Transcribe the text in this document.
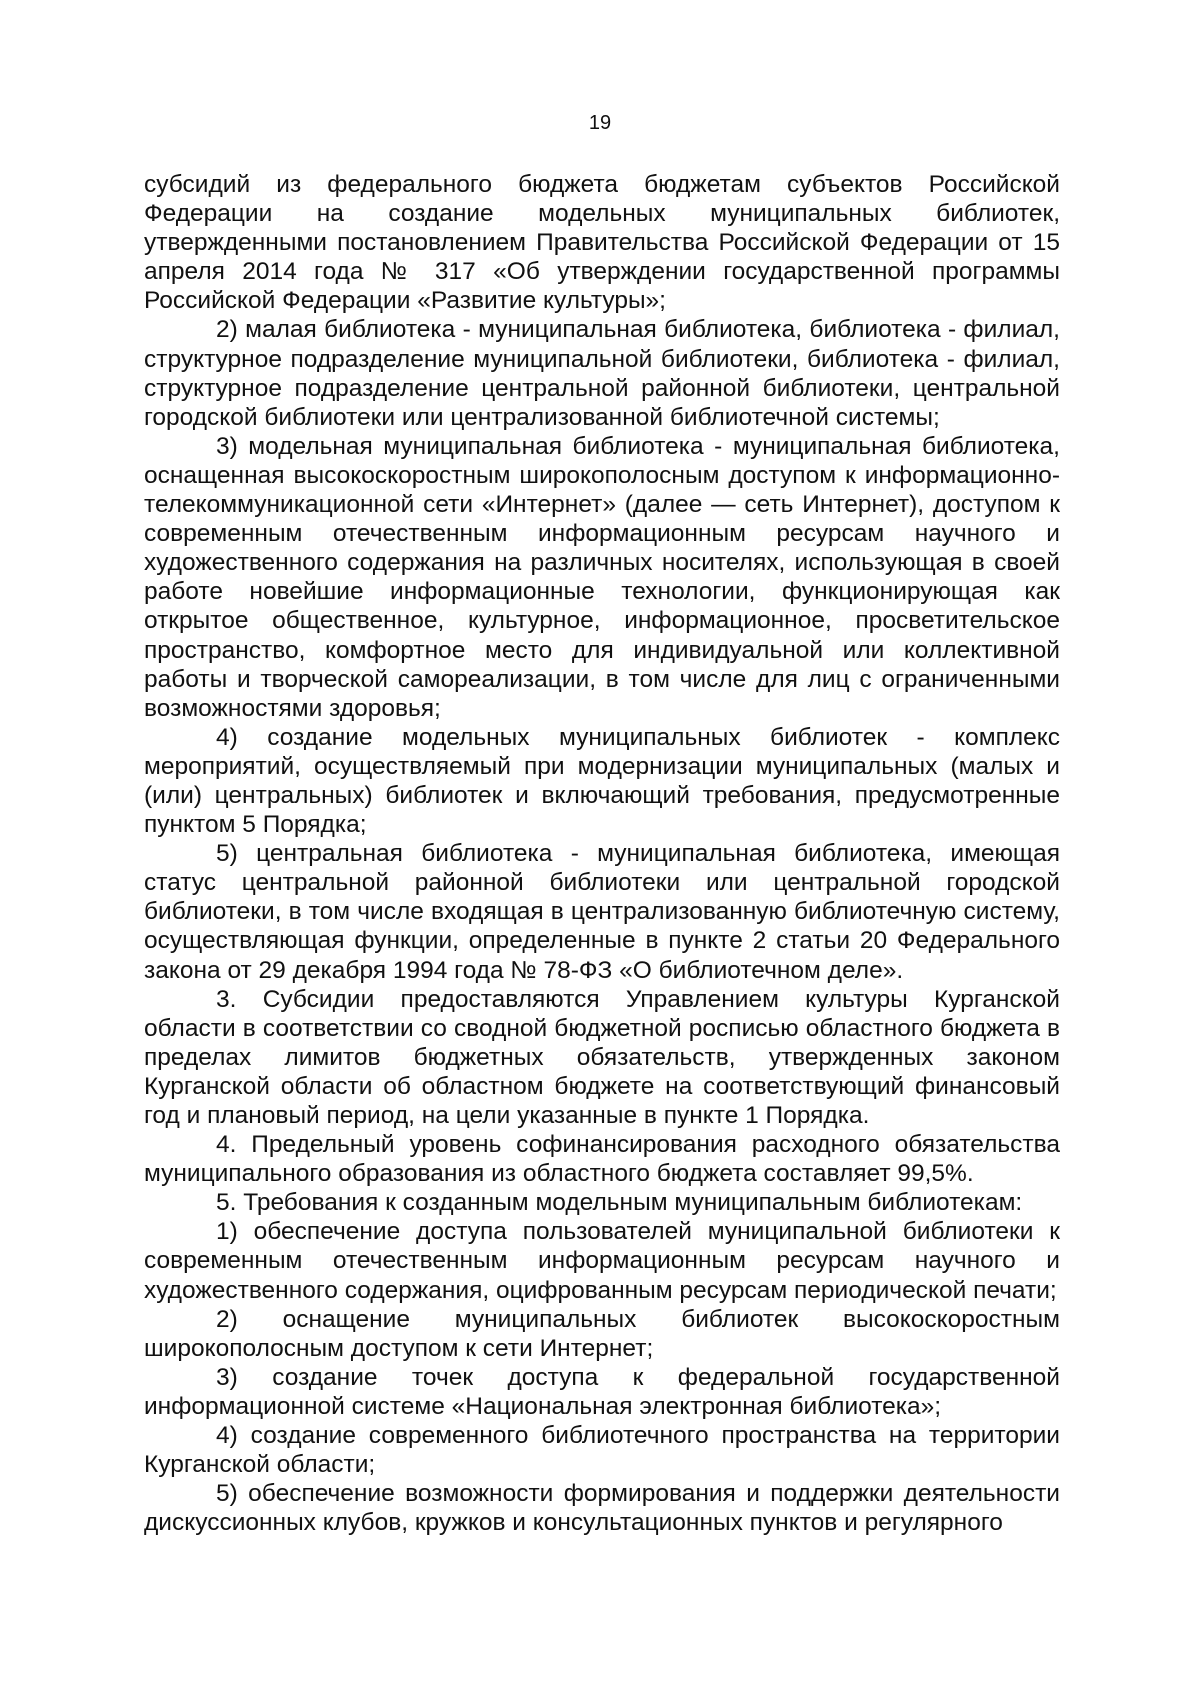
19

субсидий из федерального бюджета бюджетам субъектов Российской Федерации на создание модельных муниципальных библиотек, утвержденными постановлением Правительства Российской Федерации от 15 апреля 2014 года № 317 «Об утверждении государственной программы Российской Федерации «Развитие культуры»;

2) малая библиотека - муниципальная библиотека, библиотека - филиал, структурное подразделение муниципальной библиотеки, библиотека - филиал, структурное подразделение центральной районной библиотеки, центральной городской библиотеки или централизованной библиотечной системы;

3) модельная муниципальная библиотека - муниципальная библиотека, оснащенная высокоскоростным широкополосным доступом к информационно-телекоммуникационной сети «Интернет» (далее — сеть Интернет), доступом к современным отечественным информационным ресурсам научного и художественного содержания на различных носителях, использующая в своей работе новейшие информационные технологии, функционирующая как открытое общественное, культурное, информационное, просветительское пространство, комфортное место для индивидуальной или коллективной работы и творческой самореализации, в том числе для лиц с ограниченными возможностями здоровья;

4) создание модельных муниципальных библиотек - комплекс мероприятий, осуществляемый при модернизации муниципальных (малых и (или) центральных) библиотек и включающий требования, предусмотренные пунктом 5 Порядка;

5) центральная библиотека - муниципальная библиотека, имеющая статус центральной районной библиотеки или центральной городской библиотеки, в том числе входящая в централизованную библиотечную систему, осуществляющая функции, определенные в пункте 2 статьи 20 Федерального закона от 29 декабря 1994 года № 78-ФЗ «О библиотечном деле».

3. Субсидии предоставляются Управлением культуры Курганской области в соответствии со сводной бюджетной росписью областного бюджета в пределах лимитов бюджетных обязательств, утвержденных законом Курганской области об областном бюджете на соответствующий финансовый год и плановый период, на цели указанные в пункте 1 Порядка.

4. Предельный уровень софинансирования расходного обязательства муниципального образования из областного бюджета составляет 99,5%.

5. Требования к созданным модельным муниципальным библиотекам:

1) обеспечение доступа пользователей муниципальной библиотеки к современным отечественным информационным ресурсам научного и художественного содержания, оцифрованным ресурсам периодической печати;

2) оснащение муниципальных библиотек высокоскоростным широкополосным доступом к сети Интернет;

3) создание точек доступа к федеральной государственной информационной системе «Национальная электронная библиотека»;

4) создание современного библиотечного пространства на территории Курганской области;

5) обеспечение возможности формирования и поддержки деятельности дискуссионных клубов, кружков и консультационных пунктов и регулярного
